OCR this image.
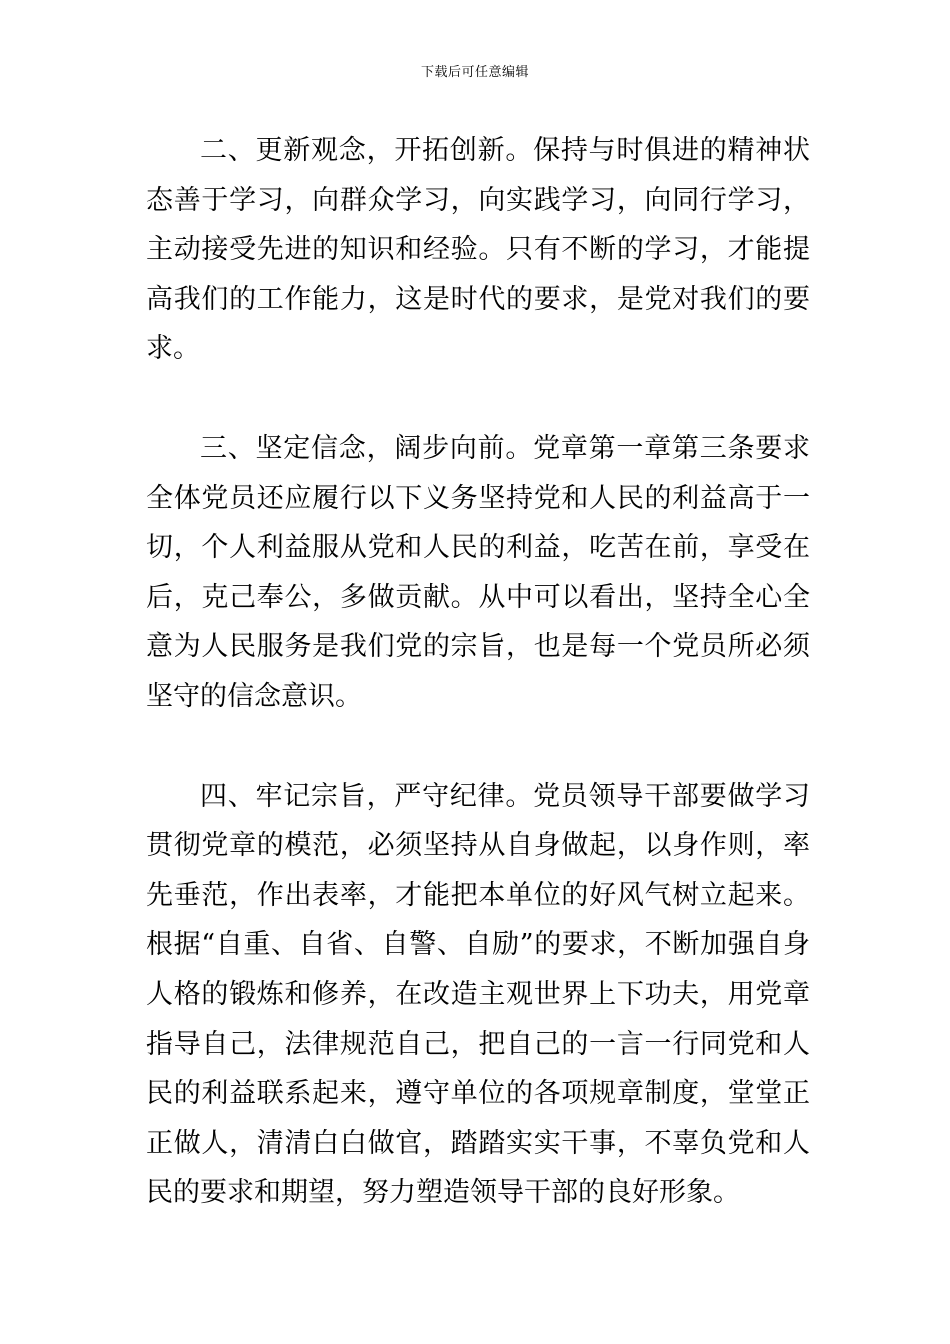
下载后可任意编辑

二、更新观念，开拓创新。保持与时俱进的精神状态善于学习，向群众学习，向实践学习，向同行学习，主动接受先进的知识和经验。只有不断的学习，才能提高我们的工作能力，这是时代的要求，是党对我们的要求。

三、坚定信念，阔步向前。党章第一章第三条要求全体党员还应履行以下义务坚持党和人民的利益高于一切，个人利益服从党和人民的利益，吃苦在前，享受在后，克己奉公，多做贡献。从中可以看出，坚持全心全意为人民服务是我们党的宗旨，也是每一个党员所必须坚守的信念意识。

四、牢记宗旨，严守纪律。党员领导干部要做学习贯彻党章的模范，必须坚持从自身做起，以身作则，率先垂范，作出表率，才能把本单位的好风气树立起来。根据“自重、自省、自警、自励”的要求，不断加强自身人格的锻炼和修养，在改造主观世界上下功夫，用党章指导自己，法律规范自己，把自己的一言一行同党和人民的利益联系起来，遵守单位的各项规章制度，堂堂正正做人，清清白白做官，踏踏实实干事，不辜负党和人民的要求和期望，努力塑造领导干部的良好形象。
